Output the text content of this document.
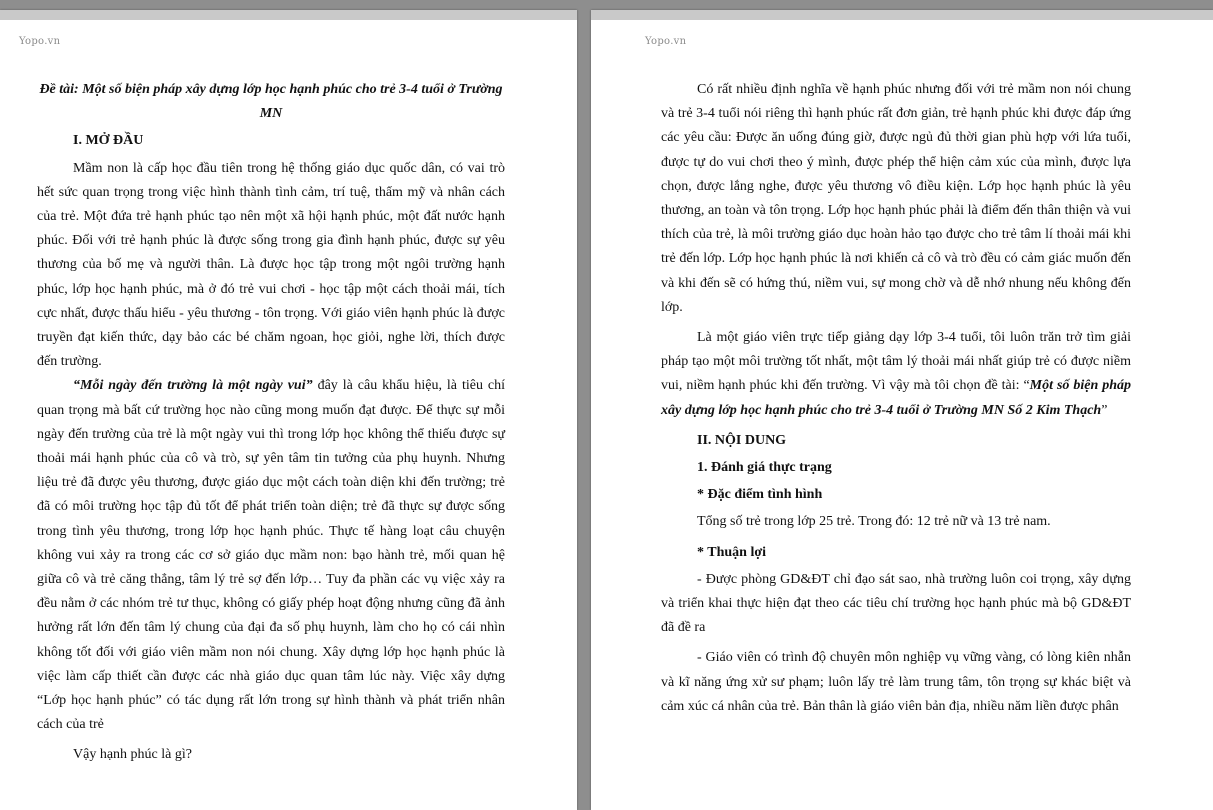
Yopo.vn

Đề tài: Một số biện pháp xây dựng lớp học hạnh phúc cho trẻ 3-4 tuổi ở Trường MN

I. MỞ ĐẦU

Mầm non là cấp học đầu tiên trong hệ thống giáo dục quốc dân, có vai trò hết sức quan trọng trong việc hình thành tình cảm, trí tuệ, thẩm mỹ và nhân cách của trẻ. Một đứa trẻ hạnh phúc tạo nên một xã hội hạnh phúc, một đất nước hạnh phúc. Đối với trẻ hạnh phúc là được sống trong gia đình hạnh phúc, được sự yêu thương của bố mẹ và người thân. Là được học tập trong một ngôi trường hạnh phúc, lớp học hạnh phúc, mà ở đó trẻ vui chơi - học tập một cách thoải mái, tích cực nhất, được thấu hiểu - yêu thương - tôn trọng. Với giáo viên hạnh phúc là được truyền đạt kiến thức, dạy bảo các bé chăm ngoan, học giỏi, nghe lời, thích được đến trường.

“Mỗi ngày đến trường là một ngày vui” đây là câu khẩu hiệu, là tiêu chí quan trọng mà bất cứ trường học nào cũng mong muốn đạt được. Để thực sự mỗi ngày đến trường của trẻ là một ngày vui thì trong lớp học không thể thiếu được sự thoải mái hạnh phúc của cô và trò, sự yên tâm tin tưởng của phụ huynh. Nhưng liệu trẻ đã được yêu thương, được giáo dục một cách toàn diện khi đến trường; trẻ đã có môi trường học tập đủ tốt để phát triển toàn diện; trẻ đã thực sự được sống trong tình yêu thương, trong lớp học hạnh phúc. Thực tế hàng loạt câu chuyện không vui xảy ra trong các cơ sở giáo dục mầm non: bạo hành trẻ, mối quan hệ giữa cô và trẻ căng thẳng, tâm lý trẻ sợ đến lớp… Tuy đa phần các vụ việc xảy ra đều nằm ở các nhóm trẻ tư thục, không có giấy phép hoạt động nhưng cũng đã ảnh hưởng rất lớn đến tâm lý chung của đại đa số phụ huynh, làm cho họ có cái nhìn không tốt đối với giáo viên mầm non nói chung. Xây dựng lớp học hạnh phúc là việc làm cấp thiết cần được các nhà giáo dục quan tâm lúc này. Việc xây dựng “Lớp học hạnh phúc” có tác dụng rất lớn trong sự hình thành và phát triển nhân cách của trẻ

Vậy hạnh phúc là gì?

Yopo.vn

Có rất nhiều định nghĩa về hạnh phúc nhưng đối với trẻ mầm non nói chung và trẻ 3-4 tuổi nói riêng thì hạnh phúc rất đơn giản, trẻ hạnh phúc khi được đáp ứng các yêu cầu: Được ăn uống đúng giờ, được ngủ đủ thời gian phù hợp với lứa tuổi, được tự do vui chơi theo ý mình, được phép thể hiện cảm xúc của mình, được lựa chọn, được lắng nghe, được yêu thương vô điều kiện. Lớp học hạnh phúc là yêu thương, an toàn và tôn trọng. Lớp học hạnh phúc phải là điểm đến thân thiện và vui thích của trẻ, là môi trường giáo dục hoàn hảo tạo được cho trẻ tâm lí thoải mái khi trẻ đến lớp. Lớp học hạnh phúc là nơi khiến cả cô và trò đều có cảm giác muốn đến và khi đến sẽ có hứng thú, niềm vui, sự mong chờ và dễ nhớ nhung nếu không đến lớp.

Là một giáo viên trực tiếp giảng dạy lớp 3-4 tuổi, tôi luôn trăn trở tìm giải pháp tạo một môi trường tốt nhất, một tâm lý thoải mái nhất giúp trẻ có được niềm vui, niềm hạnh phúc khi đến trường. Vì vậy mà tôi chọn đề tài: “Một số biện pháp xây dựng lớp học hạnh phúc cho trẻ 3-4 tuổi ở Trường MN Số 2 Kim Thạch”

II. NỘI DUNG

1. Đánh giá thực trạng

* Đặc điểm tình hình

Tổng số trẻ trong lớp 25 trẻ. Trong đó: 12 trẻ nữ và 13 trẻ nam.

* Thuận lợi

- Được phòng GD&ĐT chỉ đạo sát sao, nhà trường luôn coi trọng, xây dựng và triển khai thực hiện đạt theo các tiêu chí trường học hạnh phúc mà bộ GD&ĐT đã đề ra

- Giáo viên có trình độ chuyên môn nghiệp vụ vững vàng, có lòng kiên nhẫn và kĩ năng ứng xử sư phạm; luôn lấy trẻ làm trung tâm, tôn trọng sự khác biệt và cảm xúc cá nhân của trẻ. Bản thân là giáo viên bản địa, nhiều năm liền được phân
